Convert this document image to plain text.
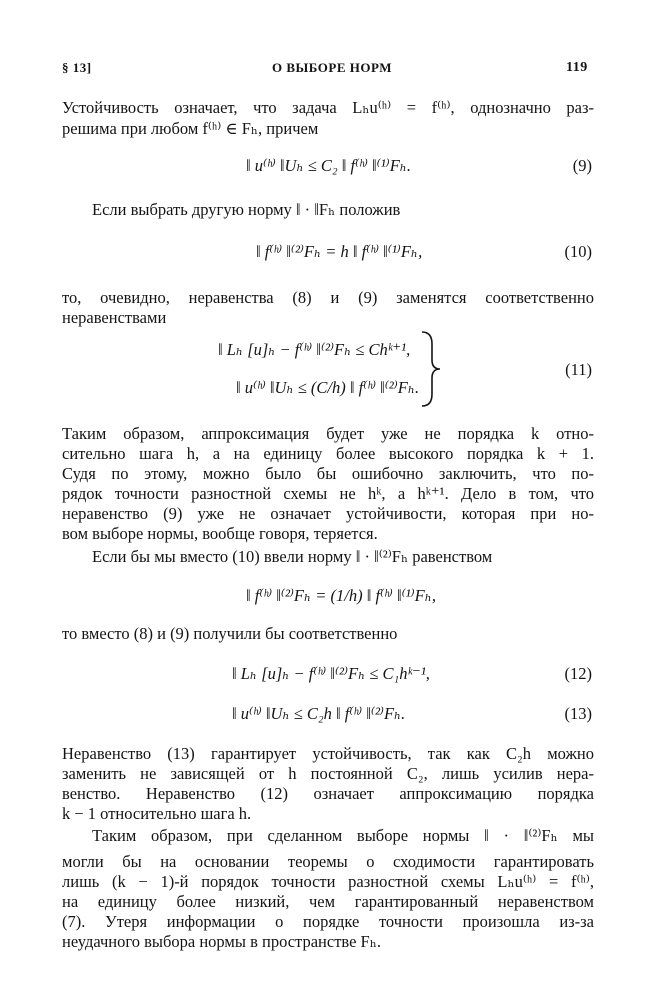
§ 13]	О ВЫБОРЕ НОРМ	119
Устойчивость означает, что задача Lₕu⁽ʰ⁾ = f⁽ʰ⁾, однозначно раз-
решима при любом f⁽ʰ⁾ ∈ Fₕ, причем
‖ u⁽ʰ⁾ ‖Uₕ ≤ C₂ ‖ f⁽ʰ⁾ ‖⁽¹⁾Fₕ.	(9)
Если выбрать другую норму ‖ · ‖Fₕ положив
‖ f⁽ʰ⁾ ‖⁽²⁾Fₕ = h ‖ f⁽ʰ⁾ ‖⁽¹⁾Fₕ,	(10)
то, очевидно, неравенства (8) и (9) заменятся соответственно
неравенствами
‖ Lₕ [u]ₕ − f⁽ʰ⁾ ‖⁽²⁾Fₕ ≤ Chᵏ⁺¹,
‖ u⁽ʰ⁾ ‖Uₕ ≤ (C/h) ‖ f⁽ʰ⁾ ‖⁽²⁾Fₕ.
(11)
Таким образом, аппроксимация будет уже не порядка k отно-
сительно шага h, а на единицу более высокого порядка k + 1.
Судя по этому, можно было бы ошибочно заключить, что по-
рядок точности разностной схемы не hᵏ, а hᵏ⁺¹. Дело в том, что
неравенство (9) уже не означает устойчивости, которая при но-
вом выборе нормы, вообще говоря, теряется.
Если бы мы вместо (10) ввели норму ‖ · ‖⁽²⁾Fₕ равенством
‖ f⁽ʰ⁾ ‖⁽²⁾Fₕ = (1/h) ‖ f⁽ʰ⁾ ‖⁽¹⁾Fₕ,
то вместо (8) и (9) получили бы соответственно
‖ Lₕ [u]ₕ − f⁽ʰ⁾ ‖⁽²⁾Fₕ ≤ C₁hᵏ⁻¹,	(12)
‖ u⁽ʰ⁾ ‖Uₕ ≤ C₂h ‖ f⁽ʰ⁾ ‖⁽²⁾Fₕ.	(13)
Неравенство (13) гарантирует устойчивость, так как C₂h можно
заменить не зависящей от h постоянной C₂, лишь усилив нера-
венство. Неравенство (12) означает аппроксимацию порядка
k − 1 относительно шага h.
Таким образом, при сделанном выборе нормы ‖ · ‖⁽²⁾Fₕ мы
могли бы на основании теоремы о сходимости гарантировать
лишь (k − 1)-й порядок точности разностной схемы Lₕu⁽ʰ⁾ = f⁽ʰ⁾,
на единицу более низкий, чем гарантированный неравенством
(7). Утеря информации о порядке точности произошла из-за
неудачного выбора нормы в пространстве Fₕ.
